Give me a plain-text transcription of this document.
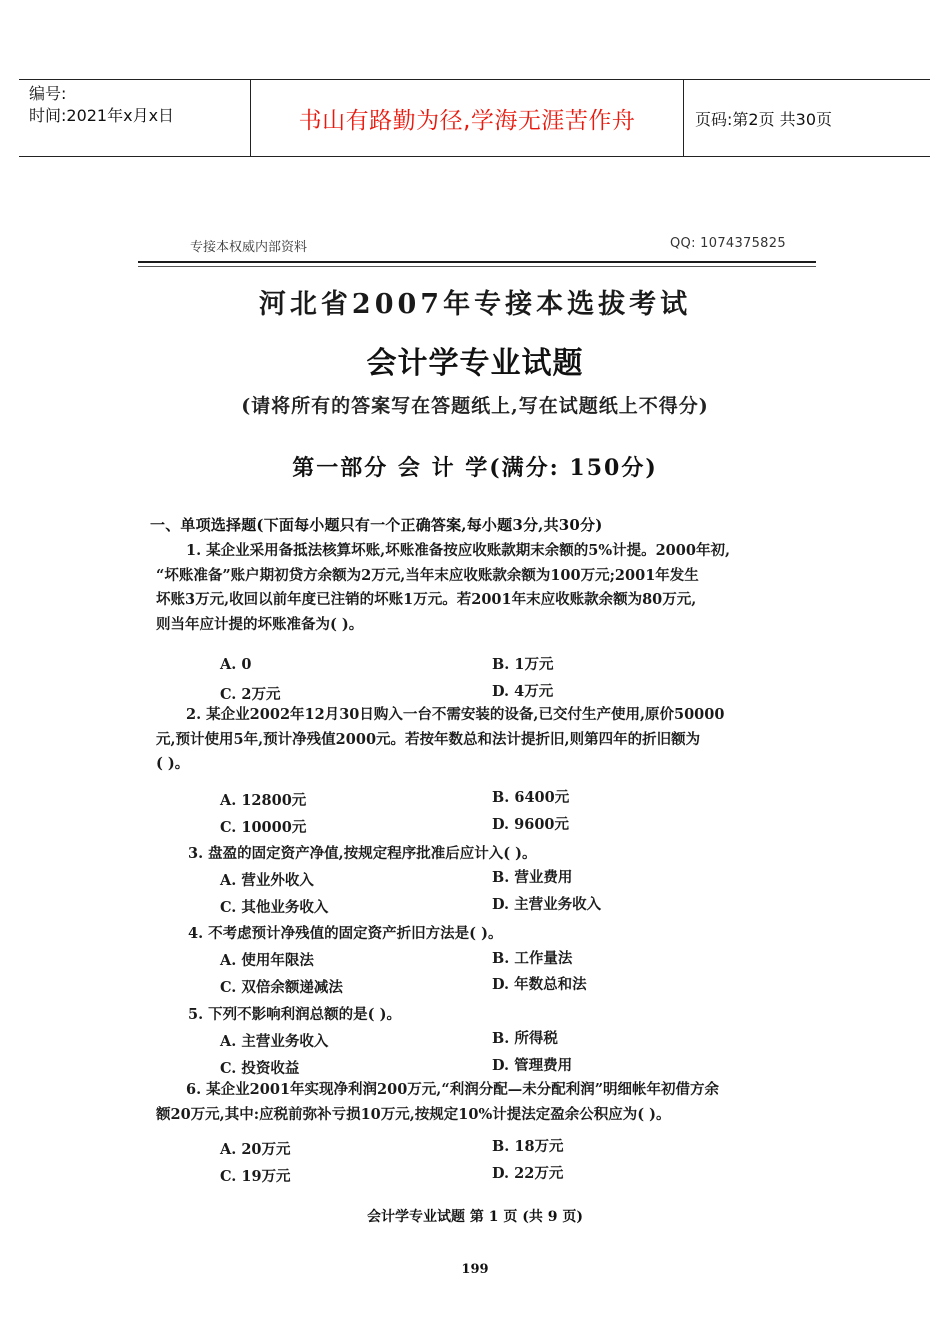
编号:
时间:2021年x月x日	书山有路勤为径,学海无涯苦作舟	页码:第2页 共30页
专接本权威内部资料	QQ: 1074375825
河北省2007年专接本选拔考试
会计学专业试题
(请将所有的答案写在答题纸上,写在试题纸上不得分)
第一部分 会 计 学(满分: 150分)
一、单项选择题(下面每小题只有一个正确答案,每小题3分,共30分)
1. 某企业采用备抵法核算坏账,坏账准备按应收账款期末余额的5%计提。2000年初,
“坏账准备”账户期初贷方余额为2万元,当年末应收账款余额为100万元;2001年发生
坏账3万元,收回以前年度已注销的坏账1万元。若2001年末应收账款余额为80万元,
则当年应计提的坏账准备为( )。
A. 0	B. 1万元
C. 2万元	D. 4万元
2. 某企业2002年12月30日购入一台不需安装的设备,已交付生产使用,原价50000
元,预计使用5年,预计净残值2000元。若按年数总和法计提折旧,则第四年的折旧额为
( )。
A. 12800元	B. 6400元
C. 10000元	D. 9600元
3. 盘盈的固定资产净值,按规定程序批准后应计入( )。
A. 营业外收入	B. 营业费用
C. 其他业务收入	D. 主营业务收入
4. 不考虑预计净残值的固定资产折旧方法是( )。
A. 使用年限法	B. 工作量法
C. 双倍余额递减法	D. 年数总和法
5. 下列不影响利润总额的是( )。
A. 主营业务收入	B. 所得税
C. 投资收益	D. 管理费用
6. 某企业2001年实现净利润200万元,“利润分配—未分配利润”明细帐年初借方余
额20万元,其中:应税前弥补亏损10万元,按规定10%计提法定盈余公积应为( )。
A. 20万元	B. 18万元
C. 19万元	D. 22万元
会计学专业试题 第 1 页 (共 9 页)
199
